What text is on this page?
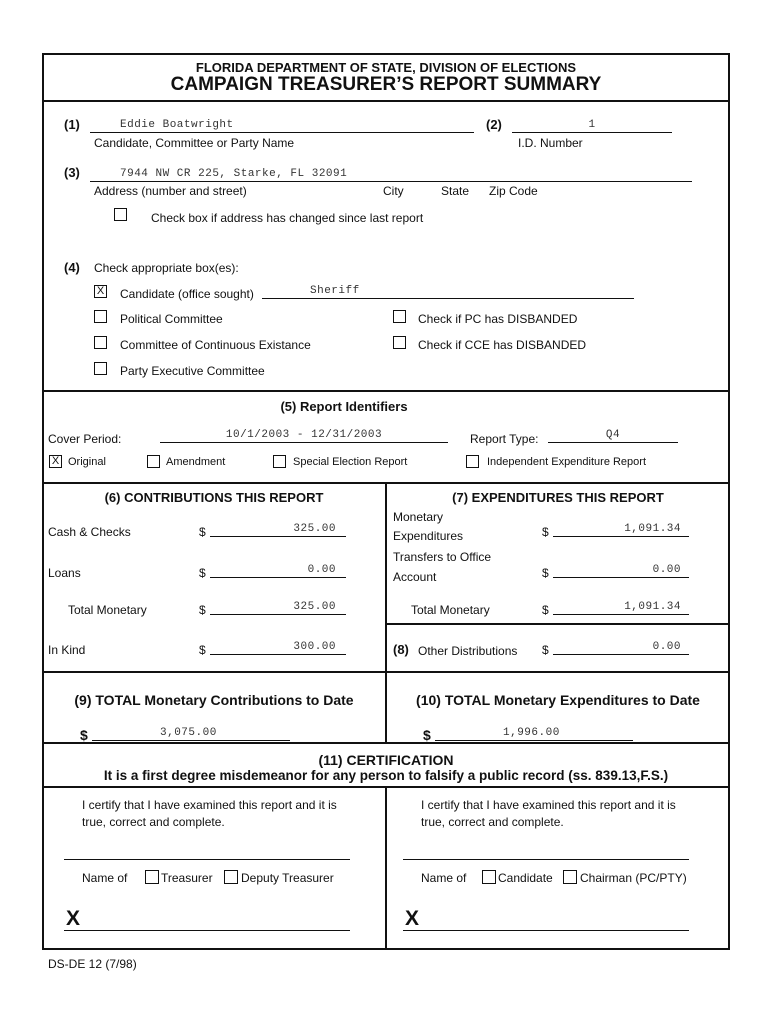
FLORIDA DEPARTMENT OF STATE, DIVISION OF ELECTIONS
CAMPAIGN TREASURER’S REPORT SUMMARY
(1)	Eddie Boatwright
Candidate, Committee or Party Name
(2)	1
I.D. Number
(3)	7944 NW CR 225, Starke, FL 32091
Address (number and street)	City	State Zip Code
Check box if address has changed since last report
(4) Check appropriate box(es):
X Candidate (office sought)	Sheriff
Political Committee	Check if PC has DISBANDED
Committee of Continuous Existance	Check if CCE has DISBANDED
Party Executive Committee
(5) Report Identifiers
Cover Period:	10/1/2003 - 12/31/2003	Report Type:	Q4
X Original	Amendment	Special Election Report	Independent Expenditure Report
(6) CONTRIBUTIONS THIS REPORT
Cash & Checks	$	325.00
Loans	$	0.00
Total Monetary	$	325.00
In Kind	$	300.00
(7) EXPENDITURES THIS REPORT
Monetary
Expenditures	$	1,091.34
Transfers to Office
Account	$	0.00
Total Monetary	$	1,091.34
(8) Other Distributions $	0.00
(9) TOTAL Monetary Contributions to Date
$	3,075.00
(10) TOTAL Monetary Expenditures to Date
$	1,996.00
(11) CERTIFICATION
It is a first degree misdemeanor for any person to falsify a public record (ss. 839.13,F.S.)
I certify that I have examined this report and it is
true, correct and complete.
Name of	Treasurer Deputy Treasurer
X
I certify that I have examined this report and it is
true, correct and complete.
Name of	Candidate Chairman (PC/PTY)
X
DS-DE 12 (7/98)
